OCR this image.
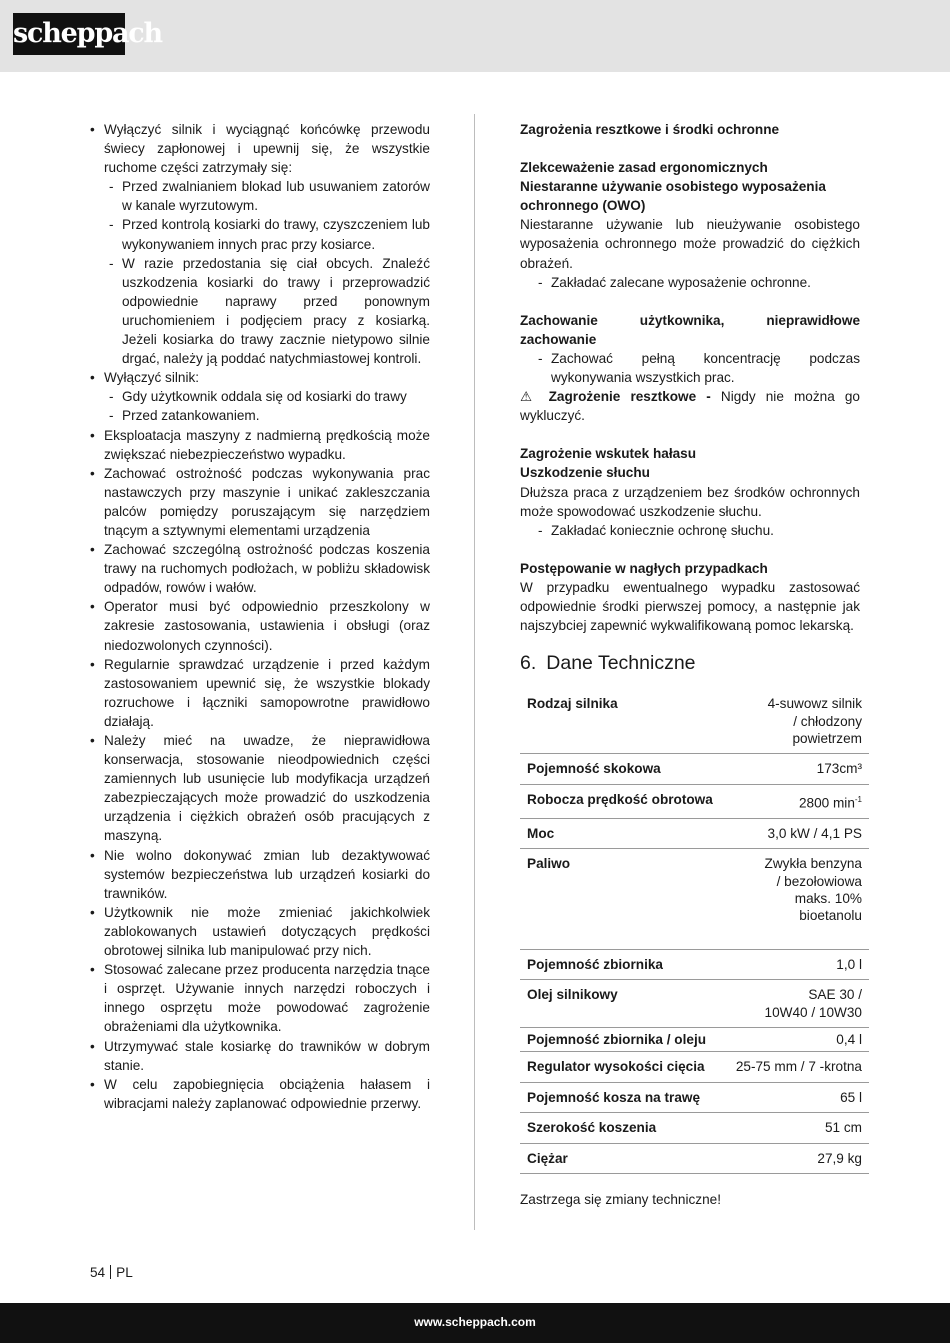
scheppach
• Wyłączyć silnik i wyciągnąć końcówkę przewodu świecy zapłonowej i upewnij się, że wszystkie ruchome części zatrzymały się:
- Przed zwalnianiem blokad lub usuwaniem zatorów w kanale wyrzutowym.
- Przed kontrolą kosiarki do trawy, czyszczeniem lub wykonywaniem innych prac przy kosiarce.
- W razie przedostania się ciał obcych. Znaleźć uszkodzenia kosiarki do trawy i przeprowadzić odpowiednie naprawy przed ponownym uruchomieniem i podjęciem pracy z kosiarką. Jeżeli kosiarka do trawy zacznie nietypowo silnie drgać, należy ją poddać natychmiastowej kontroli.
• Wyłączyć silnik:
- Gdy użytkownik oddala się od kosiarki do trawy
- Przed zatankowaniem.
• Eksploatacja maszyny z nadmierną prędkością może zwiększać niebezpieczeństwo wypadku.
• Zachować ostrożność podczas wykonywania prac nastawczych przy maszynie i unikać zakleszczania palców pomiędzy poruszającym się narzędziem tnącym a sztywnymi elementami urządzenia
• Zachować szczególną ostrożność podczas koszenia trawy na ruchomych podłożach, w pobliżu składowisk odpadów, rowów i wałów.
• Operator musi być odpowiednio przeszkolony w zakresie zastosowania, ustawienia i obsługi (oraz niedozwolonych czynności).
• Regularnie sprawdzać urządzenie i przed każdym zastosowaniem upewnić się, że wszystkie blokady rozruchowe i łączniki samopowrotne prawidłowo działają.
• Należy mieć na uwadze, że nieprawidłowa konserwacja, stosowanie nieodpowiednich części zamiennych lub usunięcie lub modyfikacja urządzeń zabezpieczających może prowadzić do uszkodzenia urządzenia i ciężkich obrażeń osób pracujących z maszyną.
• Nie wolno dokonywać zmian lub dezaktywować systemów bezpieczeństwa lub urządzeń kosiarki do trawników.
• Użytkownik nie może zmieniać jakichkolwiek zablokowanych ustawień dotyczących prędkości obrotowej silnika lub manipulować przy nich.
• Stosować zalecane przez producenta narzędzia tnące i osprzęt. Używanie innych narzędzi roboczych i innego osprzętu może powodować zagrożenie obrażeniami dla użytkownika.
• Utrzymywać stale kosiarkę do trawników w dobrym stanie.
• W celu zapobiegnięcia obciążenia hałasem i wibracjami należy zaplanować odpowiednie przerwy.
Zagrożenia resztkowe i środki ochronne
Zlekceważenie zasad ergonomicznych
Niestaranne używanie osobistego wyposażenia ochronnego (OWO)

Niestaranne używanie lub nieużywanie osobistego wyposażenia ochronnego może prowadzić do ciężkich obrażeń.

- Zakładać zalecane wyposażenie ochronne.
Zachowanie użytkownika, nieprawidłowe zachowanie
- Zachować pełną koncentrację podczas wykonywania wszystkich prac.

⚠ Zagrożenie resztkowe - Nigdy nie można go wykluczyć.

Zagrożenie wskutek hałasu
Uszkodzenie słuchu

Dłuższa praca z urządzeniem bez środków ochronnych może spowodować uszkodzenie słuchu.

- Zakładać koniecznie ochronę słuchu.
Postępowanie w nagłych przypadkach

W przypadku ewentualnego wypadku zastosować odpowiednie środki pierwszej pomocy, a następnie jak najszybciej zapewnić wykwalifikowaną pomoc lekarską.

6. Dane Techniczne
Rodzaj silnika	4-suwowz silnik / chłodzony powietrzem
Pojemność skokowa	173cm³
Robocza prędkość obrotowa	2800 $\min^{-1}$
Moc	3,0 kW / 4,1 PS
Paliwo	Zwykła benzyna / bezołowiowa maks. 10% bioetanolu
Pojemność zbiornika	1,0 l
Olej silnikowy	SAE 30 / 10W40 / 10W30
Pojemność zbiornika / oleju	0,4 l
Regulator wysokości cięcia	25-75 mm / 7 -krotna
Pojemność kosza na trawę	65 l
Szerokość koszenia	51 cm
Ciężar	27,9 kg
Zastrzega się zmiany techniczne!
54 PL
www.scheppach.com
